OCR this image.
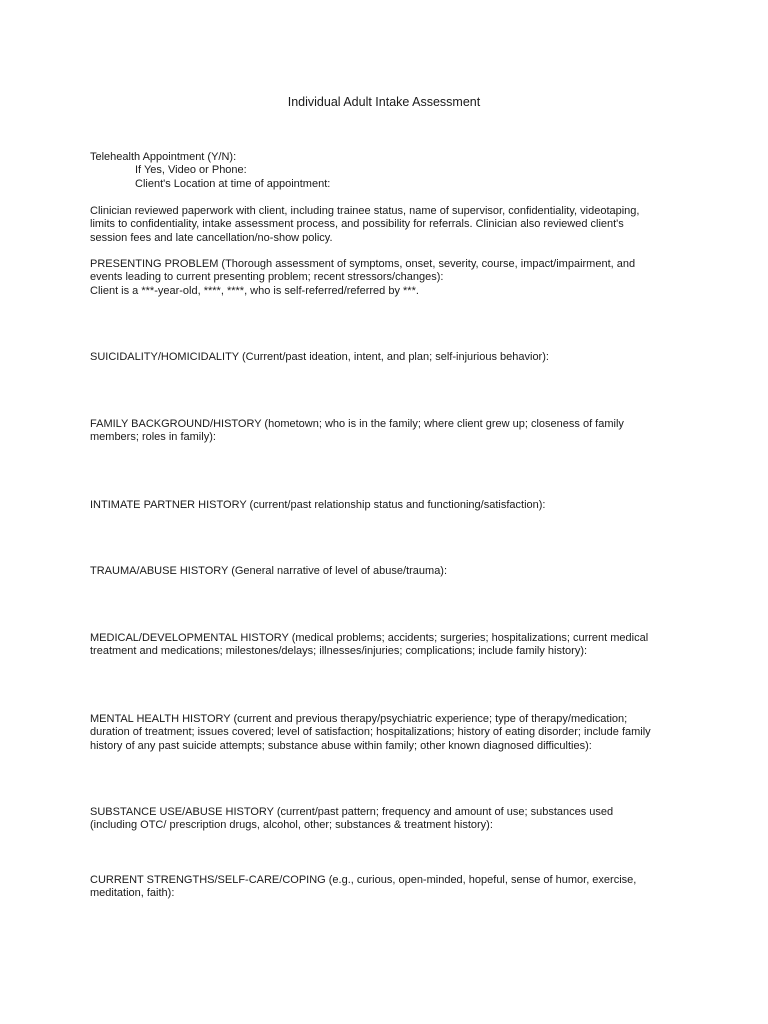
Individual Adult Intake Assessment

Telehealth Appointment (Y/N):

If Yes, Video or Phone:

Client's Location at time of appointment:

Clinician reviewed paperwork with client, including trainee status, name of supervisor, confidentiality, videotaping,

limits to confidentiality, intake assessment process, and possibility for referrals. Clinician also reviewed client's

session fees and late cancellation/no-show policy.

PRESENTING PROBLEM (Thorough assessment of symptoms, onset, severity, course, impact/impairment, and

events leading to current presenting problem; recent stressors/changes):

Client is a ***-year-old, ****, ****, who is self-referred/referred by ***.

SUICIDALITY/HOMICIDALITY (Current/past ideation, intent, and plan; self-injurious behavior):

FAMILY BACKGROUND/HISTORY (hometown; who is in the family; where client grew up; closeness of family

members; roles in family):

INTIMATE PARTNER HISTORY (current/past relationship status and functioning/satisfaction):

TRAUMA/ABUSE HISTORY (General narrative of level of abuse/trauma):

MEDICAL/DEVELOPMENTAL HISTORY (medical problems; accidents; surgeries; hospitalizations; current medical

treatment and medications; milestones/delays; illnesses/injuries; complications; include family history):

MENTAL HEALTH HISTORY (current and previous therapy/psychiatric experience; type of therapy/medication;

duration of treatment; issues covered; level of satisfaction; hospitalizations; history of eating disorder; include family

history of any past suicide attempts; substance abuse within family; other known diagnosed difficulties):

SUBSTANCE USE/ABUSE HISTORY (current/past pattern; frequency and amount of use; substances used

(including OTC/ prescription drugs, alcohol, other; substances & treatment history):

CURRENT STRENGTHS/SELF-CARE/COPING (e.g., curious, open-minded, hopeful, sense of humor, exercise,

meditation, faith):
